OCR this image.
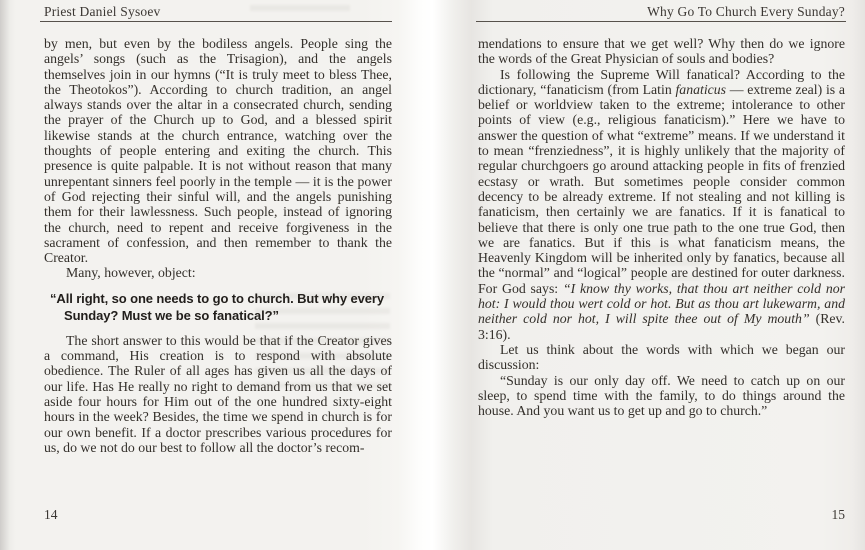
Priest Daniel Sysoev

by men, but even by the bodiless angels. People sing the angels’ songs (such as the Trisagion), and the angels themselves join in our hymns (“It is truly meet to bless Thee, the Theotokos”). According to church tradition, an angel always stands over the altar in a consecrated church, sending the prayer of the Church up to God, and a blessed spirit likewise stands at the church entrance, watching over the thoughts of people entering and exiting the church. This presence is quite palpable. It is not without reason that many unrepentant sinners feel poorly in the temple — it is the power of God rejecting their sinful will, and the angels punishing them for their lawlessness. Such people, instead of ignoring the church, need to repent and receive forgiveness in the sacrament of confession, and then remember to thank the Creator.

Many, however, object:

“All right, so one needs to go to church. But why every Sunday? Must we be so fanatical?”

The short answer to this would be that if the Creator gives a command, His creation is to respond with absolute obedience. The Ruler of all ages has given us all the days of our life. Has He really no right to demand from us that we set aside four hours for Him out of the one hundred sixty-eight hours in the week? Besides, the time we spend in church is for our own benefit. If a doctor prescribes various procedures for us, do we not do our best to follow all the doctor’s recom-

14
Why Go To Church Every Sunday?

mendations to ensure that we get well? Why then do we ignore the words of the Great Physician of souls and bodies?

Is following the Supreme Will fanatical? According to the dictionary, “fanaticism (from Latin fanaticus — extreme zeal) is a belief or worldview taken to the extreme; intolerance to other points of view (e.g., religious fanaticism).” Here we have to answer the question of what “extreme” means. If we understand it to mean “frenziedness”, it is highly unlikely that the majority of regular churchgoers go around attacking people in fits of frenzied ecstasy or wrath. But sometimes people consider common decency to be already extreme. If not stealing and not killing is fanaticism, then certainly we are fanatics. If it is fanatical to believe that there is only one true path to the one true God, then we are fanatics. But if this is what fanaticism means, the Heavenly Kingdom will be inherited only by fanatics, because all the “normal” and “logical” people are destined for outer darkness. For God says: “I know thy works, that thou art neither cold nor hot: I would thou wert cold or hot. But as thou art lukewarm, and neither cold nor hot, I will spite thee out of My mouth” (Rev. 3:16).

Let us think about the words with which we began our discussion:

“Sunday is our only day off. We need to catch up on our sleep, to spend time with the family, to do things around the house. And you want us to get up and go to church.”

15
